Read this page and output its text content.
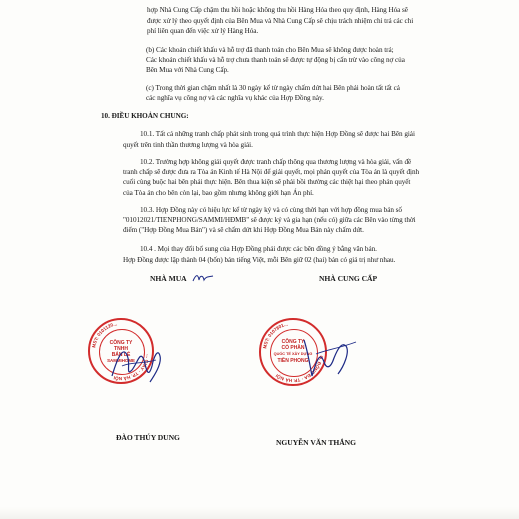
hợp Nhà Cung Cấp chậm thu hồi hoặc không thu hồi Hàng Hóa theo quy định, Hàng Hóa sẽ
được xử lý theo quyết định của Bên Mua và Nhà Cung Cấp sẽ chịu trách nhiệm chi trả các chi
phí liên quan đến việc xử lý Hàng Hóa.
(b) Các khoản chiết khấu và hỗ trợ đã thanh toán cho Bên Mua sẽ không được hoàn trả;
Các khoản chiết khấu và hỗ trợ chưa thanh toán sẽ được tự động bị cấn trừ vào công nợ của
Bên Mua với Nhà Cung Cấp.
(c) Trong thời gian chậm nhất là 30 ngày kể từ ngày chấm dứt hai Bên phải hoàn tất tất cả
các nghĩa vụ công nợ và các nghĩa vụ khác của Hợp Đồng này.
10. ĐIỀU KHOẢN CHUNG:
10.1. Tất cả những tranh chấp phát sinh trong quá trình thực hiện Hợp Đồng sẽ được hai Bên giải
quyết trên tinh thần thương lượng và hòa giải.
10.2. Trường hợp không giải quyết được tranh chấp thông qua thương lượng và hòa giải, vấn đề
tranh chấp sẽ được đưa ra Tòa án Kinh tế Hà Nội để giải quyết, mọi phán quyết của Tòa án là quyết định
cuối cùng buộc hai bên phải thực hiện. Bên thua kiện sẽ phải bồi thường các thiệt hại theo phán quyết
của Tòa án cho bên còn lại, bao gồm nhưng không giới hạn Án phí.
10.3. Hợp Đồng này có hiệu lực kể từ ngày ký và có cùng thời hạn với hợp đồng mua bán số
"01012021/TIENPHONG/SAMMI/HĐMB" sẽ được ký và gia hạn (nếu có) giữa các Bên vào từng thời
điểm ("Hợp Đồng Mua Bán") và sẽ chấm dứt khi Hợp Đồng Mua Bán này chấm dứt.
10.4 . Mọi thay đổi bổ sung của Hợp Đồng phải được các bên đồng ý bằng văn bản.
Hợp Đồng được lập thành 04 (bốn) bản tiếng Việt, mỗi Bên giữ 02 (hai) bản có giá trị như nhau.
NHÀ MUA	NHÀ CUNG CẤP
MST: 0101120...
... GIẤY · TP. HÀ NỘI
CÔNG TY
TNHH
BÁN LẺ
SAMMIHOME
MST: 0107801...
Q. ĐỐNG ĐA · TP. HÀ NỘI
CÔNG TY
CỔ PHẦN
QUỐC TẾ XÂY DỰNG
TIỀN PHONG
ĐÀO THÚY DUNG
NGUYỄN VĂN THẮNG
